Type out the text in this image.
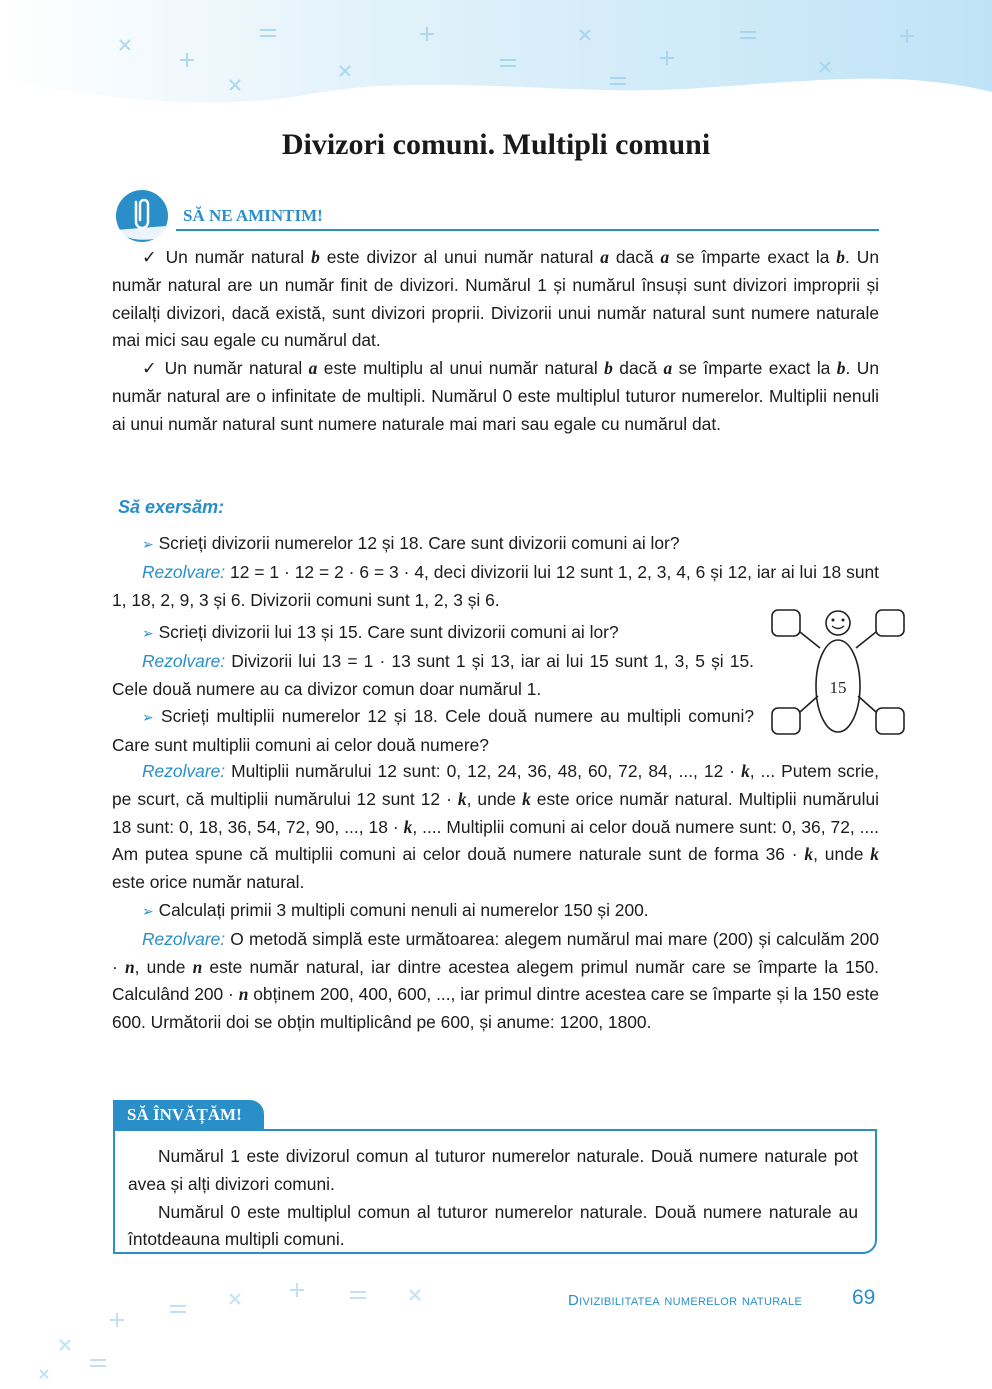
Divizori comuni. Multipli comuni
SĂ NE AMINTIM!

✓ Un număr natural b este divizor al unui număr natural a dacă a se împarte exact la b. Un număr natural are un număr finit de divizori. Numărul 1 și numărul însuși sunt divizori improprii și ceilalți divizori, dacă există, sunt divizori proprii. Divizorii unui număr natural sunt numere naturale mai mici sau egale cu numărul dat.

✓ Un număr natural a este multiplu al unui număr natural b dacă a se împarte exact la b. Un număr natural are o infinitate de multipli. Numărul 0 este multiplul tuturor numerelor. Multiplii nenuli ai unui număr natural sunt numere naturale mai mari sau egale cu numărul dat.

Să exersăm:

➢ Scrieți divizorii numerelor 12 și 18. Care sunt divizorii comuni ai lor?

Rezolvare: 12 = 1 · 12 = 2 · 6 = 3 · 4, deci divizorii lui 12 sunt 1, 2, 3, 4, 6 și 12, iar ai lui 18 sunt 1, 18, 2, 9, 3 și 6. Divizorii comuni sunt 1, 2, 3 și 6.

➢ Scrieți divizorii lui 13 și 15. Care sunt divizorii comuni ai lor?

Rezolvare: Divizorii lui 13 = 1 · 13 sunt 1 și 13, iar ai lui 15 sunt 1, 3, 5 și 15. Cele două numere au ca divizor comun doar numărul 1.

➢ Scrieți multiplii numerelor 12 și 18. Cele două numere au multipli comuni? Care sunt multiplii comuni ai celor două numere?

15

Rezolvare: Multiplii numărului 12 sunt: 0, 12, 24, 36, 48, 60, 72, 84, ..., 12 · k, ... Putem scrie, pe scurt, că multiplii numărului 12 sunt 12 · k, unde k este orice număr natural. Multiplii numărului 18 sunt: 0, 18, 36, 54, 72, 90, ..., 18 · k, .... Multiplii comuni ai celor două numere sunt: 0, 36, 72, .... Am putea spune că multiplii comuni ai celor două numere naturale sunt de forma 36 · k, unde k este orice număr natural.

➢ Calculați primii 3 multipli comuni nenuli ai numerelor 150 și 200.

Rezolvare: O metodă simplă este următoarea: alegem numărul mai mare (200) și calculăm 200 · n, unde n este număr natural, iar dintre acestea alegem primul număr care se împarte la 150. Calculând 200 · n obținem 200, 400, 600, ..., iar primul dintre acestea care se împarte și la 150 este 600. Următorii doi se obțin multiplicând pe 600, și anume: 1200, 1800.

SĂ ÎNVĂȚĂM!

Numărul 1 este divizorul comun al tuturor numerelor naturale. Două numere naturale pot avea și alți divizori comuni.

Numărul 0 este multiplul comun al tuturor numerelor naturale. Două numere naturale au întotdeauna multipli comuni.

Divizibilitatea numerelor naturale 69
